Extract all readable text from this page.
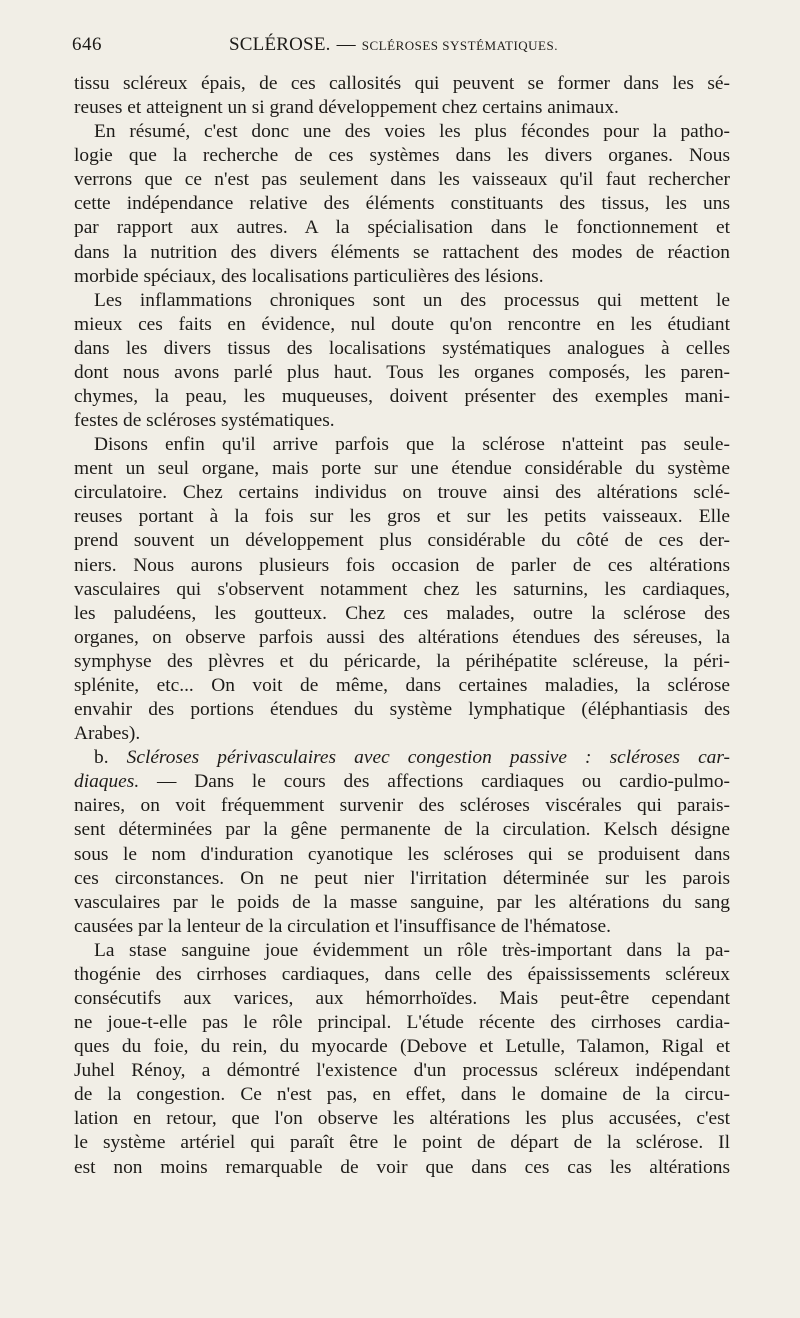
646	SCLÉROSE. — SCLÉROSES SYSTÉMATIQUES.
tissu scléreux épais, de ces callosités qui peuvent se former dans les sé-
reuses et atteignent un si grand développement chez certains animaux.
En résumé, c'est donc une des voies les plus fécondes pour la patho-
logie que la recherche de ces systèmes dans les divers organes. Nous
verrons que ce n'est pas seulement dans les vaisseaux qu'il faut rechercher
cette indépendance relative des éléments constituants des tissus, les uns
par rapport aux autres. A la spécialisation dans le fonctionnement et
dans la nutrition des divers éléments se rattachent des modes de réaction
morbide spéciaux, des localisations particulières des lésions.
Les inflammations chroniques sont un des processus qui mettent le
mieux ces faits en évidence, nul doute qu'on rencontre en les étudiant
dans les divers tissus des localisations systématiques analogues à celles
dont nous avons parlé plus haut. Tous les organes composés, les paren-
chymes, la peau, les muqueuses, doivent présenter des exemples mani-
festes de scléroses systématiques.
Disons enfin qu'il arrive parfois que la sclérose n'atteint pas seule-
ment un seul organe, mais porte sur une étendue considérable du système
circulatoire. Chez certains individus on trouve ainsi des altérations sclé-
reuses portant à la fois sur les gros et sur les petits vaisseaux. Elle
prend souvent un développement plus considérable du côté de ces der-
niers. Nous aurons plusieurs fois occasion de parler de ces altérations
vasculaires qui s'observent notamment chez les saturnins, les cardiaques,
les paludéens, les goutteux. Chez ces malades, outre la sclérose des
organes, on observe parfois aussi des altérations étendues des séreuses, la
symphyse des plèvres et du péricarde, la périhépatite scléreuse, la péri-
splénite, etc... On voit de même, dans certaines maladies, la sclérose
envahir des portions étendues du système lymphatique (éléphantiasis des
Arabes).
b. Scléroses périvasculaires avec congestion passive : scléroses car-
diaques. — Dans le cours des affections cardiaques ou cardio-pulmo-
naires, on voit fréquemment survenir des scléroses viscérales qui parais-
sent déterminées par la gêne permanente de la circulation. Kelsch désigne
sous le nom d'induration cyanotique les scléroses qui se produisent dans
ces circonstances. On ne peut nier l'irritation déterminée sur les parois
vasculaires par le poids de la masse sanguine, par les altérations du sang
causées par la lenteur de la circulation et l'insuffisance de l'hématose.
La stase sanguine joue évidemment un rôle très-important dans la pa-
thogénie des cirrhoses cardiaques, dans celle des épaississements scléreux
consécutifs aux varices, aux hémorrhoïdes. Mais peut-être cependant
ne joue-t-elle pas le rôle principal. L'étude récente des cirrhoses cardia-
ques du foie, du rein, du myocarde (Debove et Letulle, Talamon, Rigal et
Juhel Rénoy, a démontré l'existence d'un processus scléreux indépendant
de la congestion. Ce n'est pas, en effet, dans le domaine de la circu-
lation en retour, que l'on observe les altérations les plus accusées, c'est
le système artériel qui paraît être le point de départ de la sclérose. Il
est non moins remarquable de voir que dans ces cas les altérations
